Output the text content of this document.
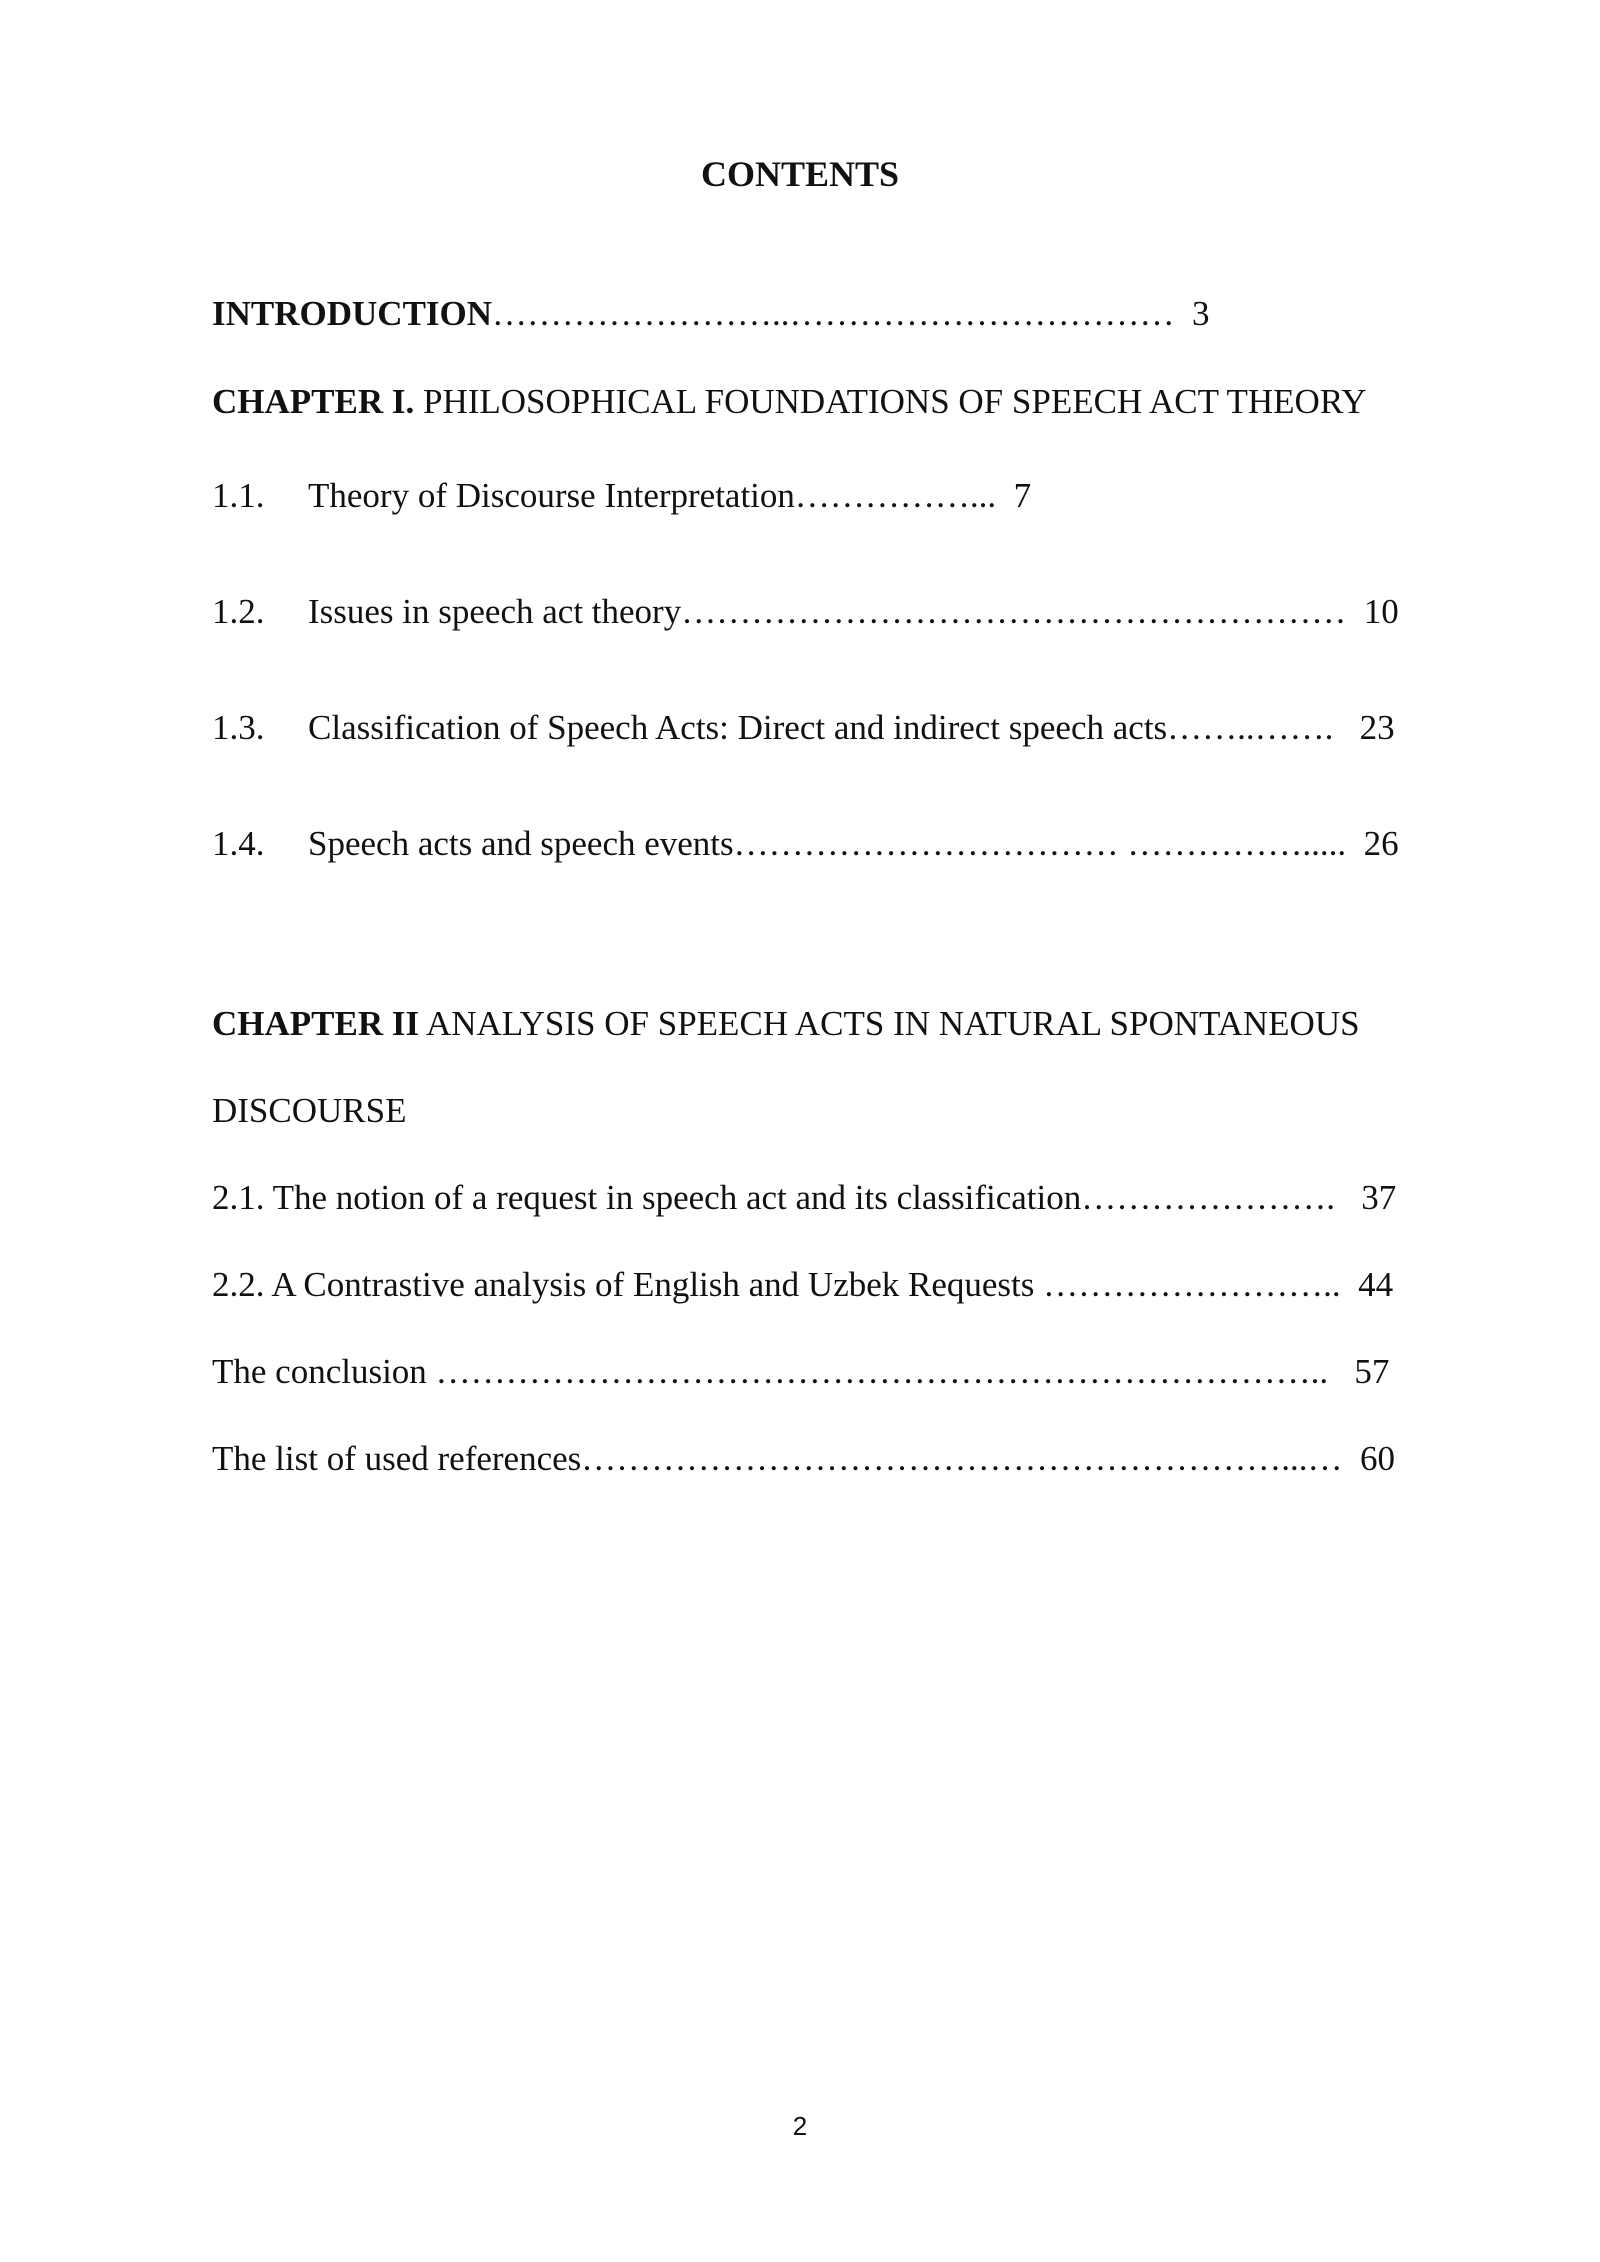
CONTENTS
INTRODUCTION……………………..…………………………… 3
CHAPTER I. PHILOSOPHICAL FOUNDATIONS OF SPEECH ACT THEORY
1.1. Theory of Discourse Interpretation……………... 7
1.2. Issues in speech act theory………………………………………………… 10
1.3. Classification of Speech Acts: Direct and indirect speech acts……..……. 23
1.4. Speech acts and speech events…………………………… ……………..... 26
CHAPTER II ANALYSIS OF SPEECH ACTS IN NATURAL SPONTANEOUS
DISCOURSE
2.1. The notion of a request in speech act and its classification…………………. 37
2.2. A Contrastive analysis of English and Uzbek Requests …………………….. 44
The conclusion ………………………………………………………………….. 57
The list of used references……………………………………………………...… 60
2
